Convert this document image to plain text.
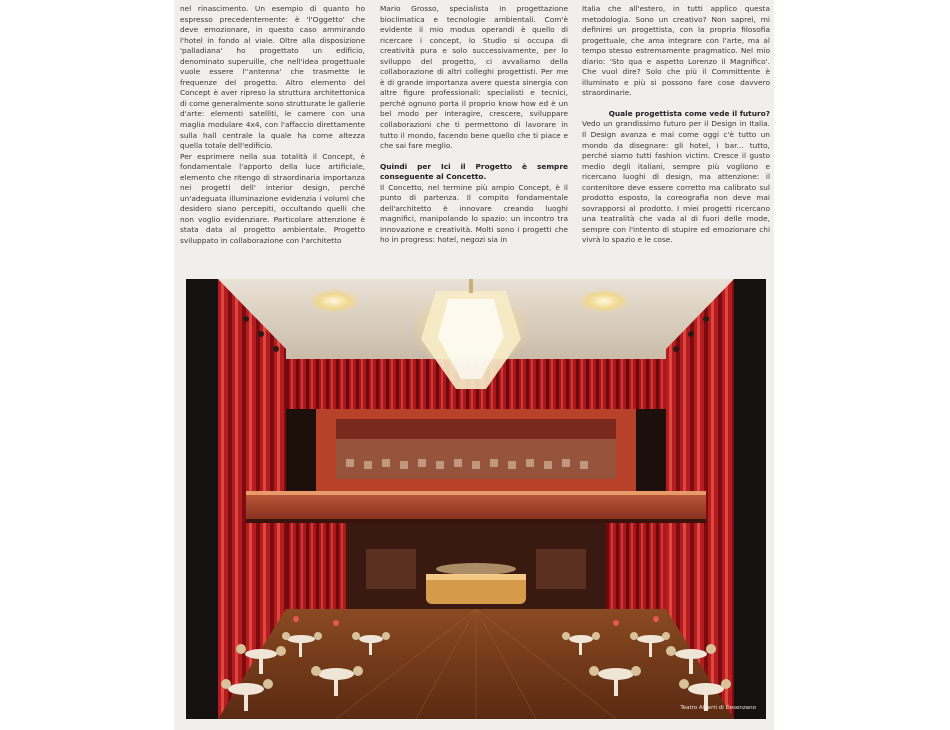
nel rinascimento. Un esempio di quanto ho espresso precedentemente: è 'l'Oggetto' che deve emozionare, in questo caso ammirando l'hotel in fondo al viale. Oltre alla disposizione 'palladiana' ho progettato un edificio, denominato superuille, che nell'idea progettuale vuole essere l''antenna' che trasmette le frequenze del progetto. Altro elemento del Concept è aver ripreso la struttura architettonica di come generalmente sono strutturate le gallerie d'arte: elementi satelliti, le camere con una maglia modulare 4x4, con l'affaccio direttamente sulla hall centrale la quale ha come altezza quella totale dell'edificio.

Per esprimere nella sua totalità il Concept, è fondamentale l'apporto della luce artificiale, elemento che ritengo di straordinaria importanza nei progetti dell' interior design, perché un'adeguata illuminazione evidenzia i volumi che desidero siano percepiti, occultando quelli che non voglio evidenziare. Particolare attenzione è stata data al progetto ambientale. Progetto sviluppato in collaborazione con l'architetto

Mario Grosso, specialista in progettazione bioclimatica e tecnologie ambientali. Com'è evidente il mio modus operandi è quello di ricercare i concept, lo Studio si occupa di creatività pura e solo successivamente, per lo sviluppo del progetto, ci avvaliamo della collaborazione di altri colleghi progettisti. Per me è di grande importanza avere questa sinergia con altre figure professionali: specialisti e tecnici, perché ognuno porta il proprio know how ed è un bel modo per interagire, crescere, sviluppare collaborazioni che ti permettono di lavorare in tutto il mondo, facendo bene quello che ti piace e che sai fare meglio.

Quindi per Ici il Progetto è sempre conseguente al Concetto.

Il Concetto, nel termine più ampio Concept, è il punto di partenza. Il compito fondamentale dell'architetto è innovare creando luoghi magnifici, manipolando lo spazio: un incontro tra innovazione e creatività. Molti sono i progetti che ho in progress: hotel, negozi sia in

Italia che all'estero, in tutti applico questa metodologia. Sono un creativo? Non saprei, mi definirei un progettista, con la propria filosofia progettuale, che ama integrare con l'arte, ma al tempo stesso estremamente pragmatico. Nel mio diario: 'Sto qua e aspetto Lorenzo il Magnifico'. Che vuol dire? Solo che più il Committente è illuminato e più si possono fare cose davvero straordinarie.

Quale progettista come vede il futuro?

Vedo un grandissimo futuro per il Design in Italia. Il Design avanza e mai come oggi c'è tutto un mondo da disegnare: gli hotel, i bar... tutto, perché siamo tutti fashion victim. Cresce il gusto medio degli italiani, sempre più vogliono e ricercano luoghi di design, ma attenzione: il contenitore deve essere corretto ma calibrato sul prodotto esposto, la coreografia non deve mai sovrapporsi al prodotto. I miei progetti ricercano una teatralità che vada al di fuori delle mode, sempre con l'intento di stupire ed emozionare chi vivrà lo spazio e le cose.

Teatro Alberti di Desenzano
